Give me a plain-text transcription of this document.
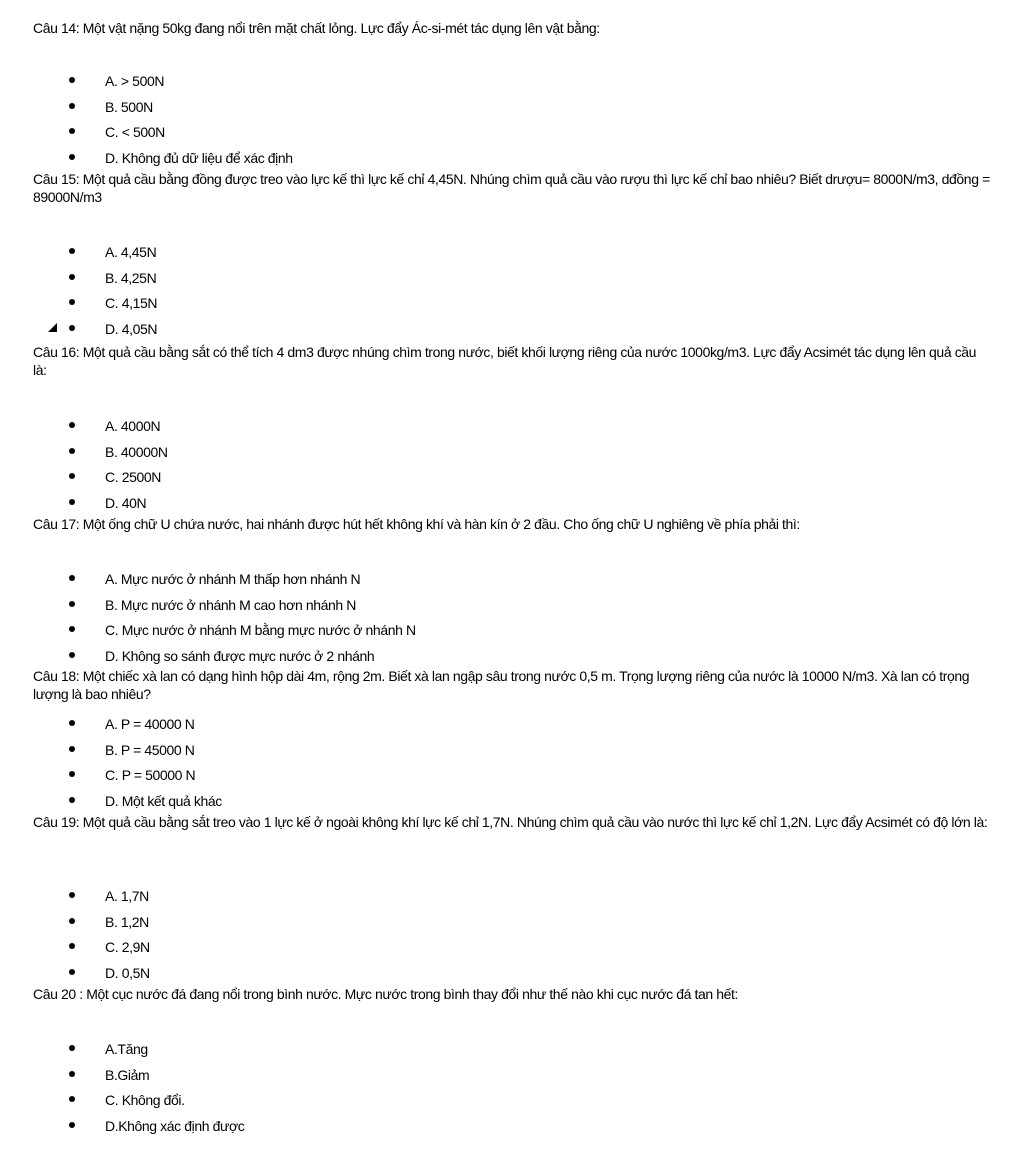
Câu 14: Một vật nặng 50kg đang nổi trên mặt chất lỏng. Lực đẩy Ác-si-mét tác dụng lên vật bằng:

A. > 500N
B. 500N
C. < 500N
D. Không đủ dữ liệu để xác định

Câu 15: Một quả cầu bằng đồng được treo vào lực kế thì lực kế chỉ 4,45N. Nhúng chìm quả cầu vào rượu thì lực kế chỉ bao nhiêu? Biết drượu= 8000N/m3, dđồng = 89000N/m3

A. 4,45N
B. 4,25N
C. 4,15N
D. 4,05N

Câu 16: Một quả cầu bằng sắt có thể tích 4 dm3 được nhúng chìm trong nước, biết khối lượng riêng của nước 1000kg/m3. Lực đẩy Acsimét tác dụng lên quả cầu là:

A. 4000N
B. 40000N
C. 2500N
D. 40N

Câu 17: Một ống chữ U chứa nước, hai nhánh được hút hết không khí và hàn kín ở 2 đầu. Cho ống chữ U nghiêng về phía phải thì:

A. Mực nước ở nhánh M thấp hơn nhánh N
B. Mực nước ở nhánh M cao hơn nhánh N
C. Mực nước ở nhánh M bằng mực nước ở nhánh N
D. Không so sánh được mực nước ở 2 nhánh

Câu 18: Một chiếc xà lan có dạng hình hộp dài 4m, rộng 2m. Biết xà lan ngập sâu trong nước 0,5 m. Trọng lượng riêng của nước là 10000 N/m3. Xà lan có trọng lượng là bao nhiêu?

A. P = 40000 N
B. P = 45000 N
C. P = 50000 N
D. Một kết quả khác

Câu 19: Một quả cầu bằng sắt treo vào 1 lực kế ở ngoài không khí lực kế chỉ 1,7N. Nhúng chìm quả cầu vào nước thì lực kế chỉ 1,2N. Lực đẩy Acsimét có độ lớn là:

A. 1,7N
B. 1,2N
C. 2,9N
D. 0,5N

Câu 20 : Một cục nước đá đang nổi trong bình nước. Mực nước trong bình thay đổi như thế nào khi cục nước đá tan hết:

A.Tăng
B.Giảm
C. Không đổi.
D.Không xác định được
